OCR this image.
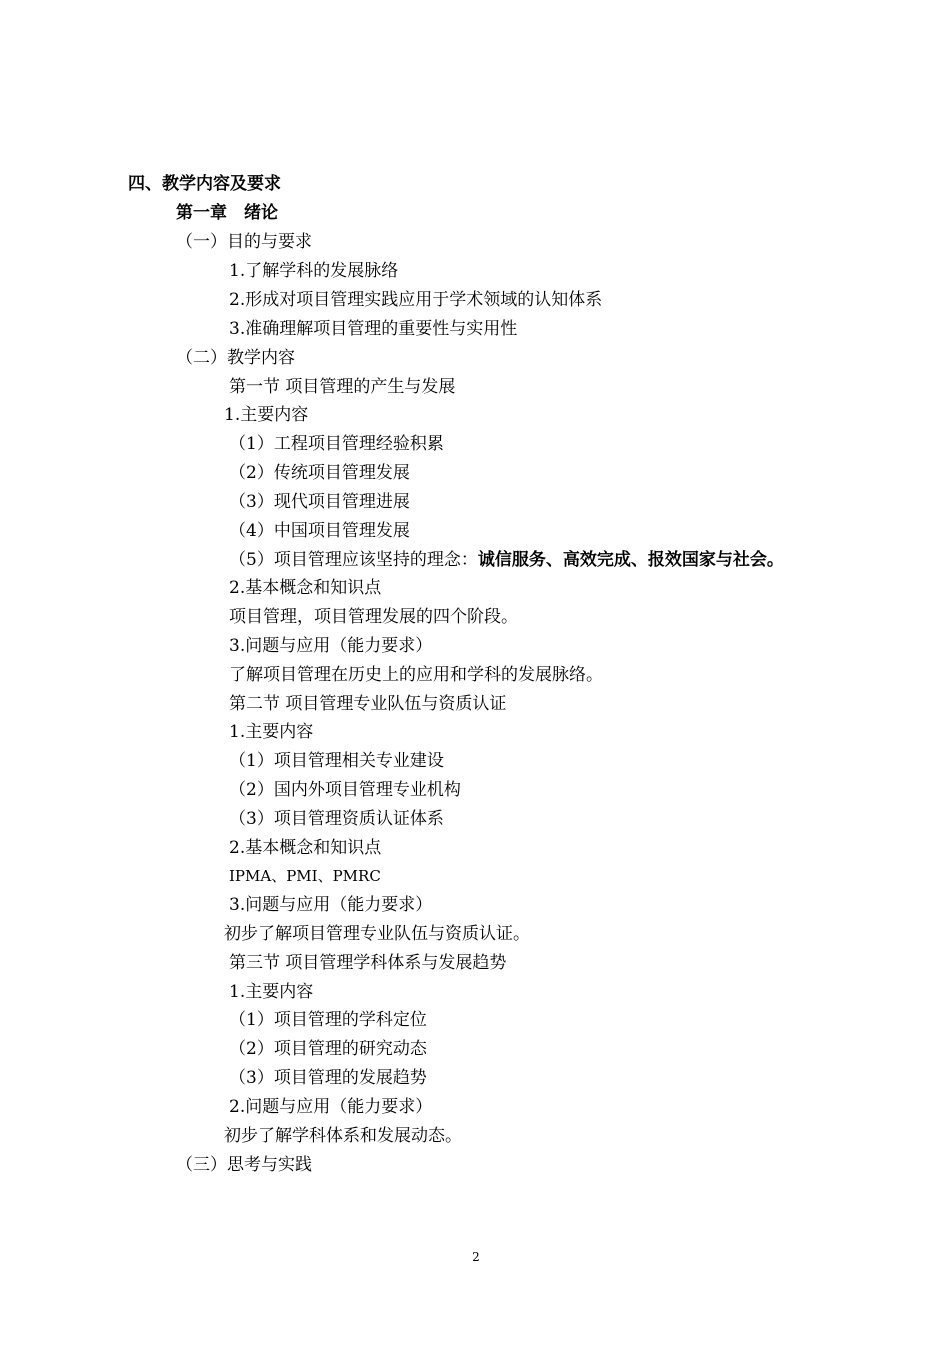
四、教学内容及要求
第一章　绪论
（一）目的与要求
1.了解学科的发展脉络
2.形成对项目管理实践应用于学术领域的认知体系
3.准确理解项目管理的重要性与实用性
（二）教学内容
第一节 项目管理的产生与发展
1.主要内容
（1）工程项目管理经验积累
（2）传统项目管理发展
（3）现代项目管理进展
（4）中国项目管理发展
（5）项目管理应该坚持的理念：诚信服务、高效完成、报效国家与社会。
2.基本概念和知识点
项目管理，项目管理发展的四个阶段。
3.问题与应用（能力要求）
了解项目管理在历史上的应用和学科的发展脉络。
第二节 项目管理专业队伍与资质认证
1.主要内容
（1）项目管理相关专业建设
（2）国内外项目管理专业机构
（3）项目管理资质认证体系
2.基本概念和知识点
IPMA、PMI、PMRC
3.问题与应用（能力要求）
初步了解项目管理专业队伍与资质认证。
第三节 项目管理学科体系与发展趋势
1.主要内容
（1）项目管理的学科定位
（2）项目管理的研究动态
（3）项目管理的发展趋势
2.问题与应用（能力要求）
初步了解学科体系和发展动态。
（三）思考与实践
2
